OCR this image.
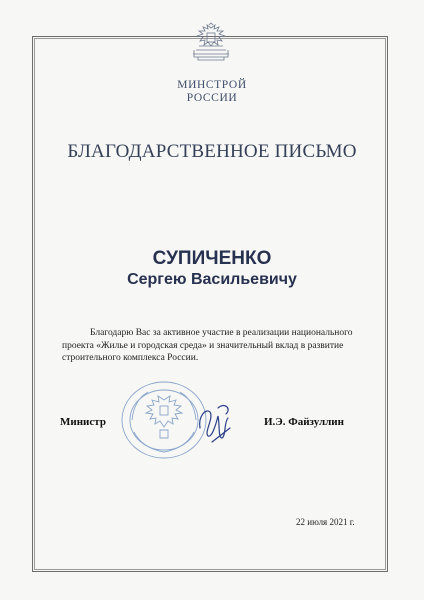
МИНСТРОЙ
РОССИИ
БЛАГОДАРСТВЕННОЕ ПИСЬМО
СУПИЧЕНКО
Сергею Васильевичу
Благодарю Вас за активное участие в реализации национального
проекта «Жилье и городская среда» и значительный вклад в развитие
строительного комплекса России.
Министр	И.Э. Файзуллин
22 июля 2021 г.
